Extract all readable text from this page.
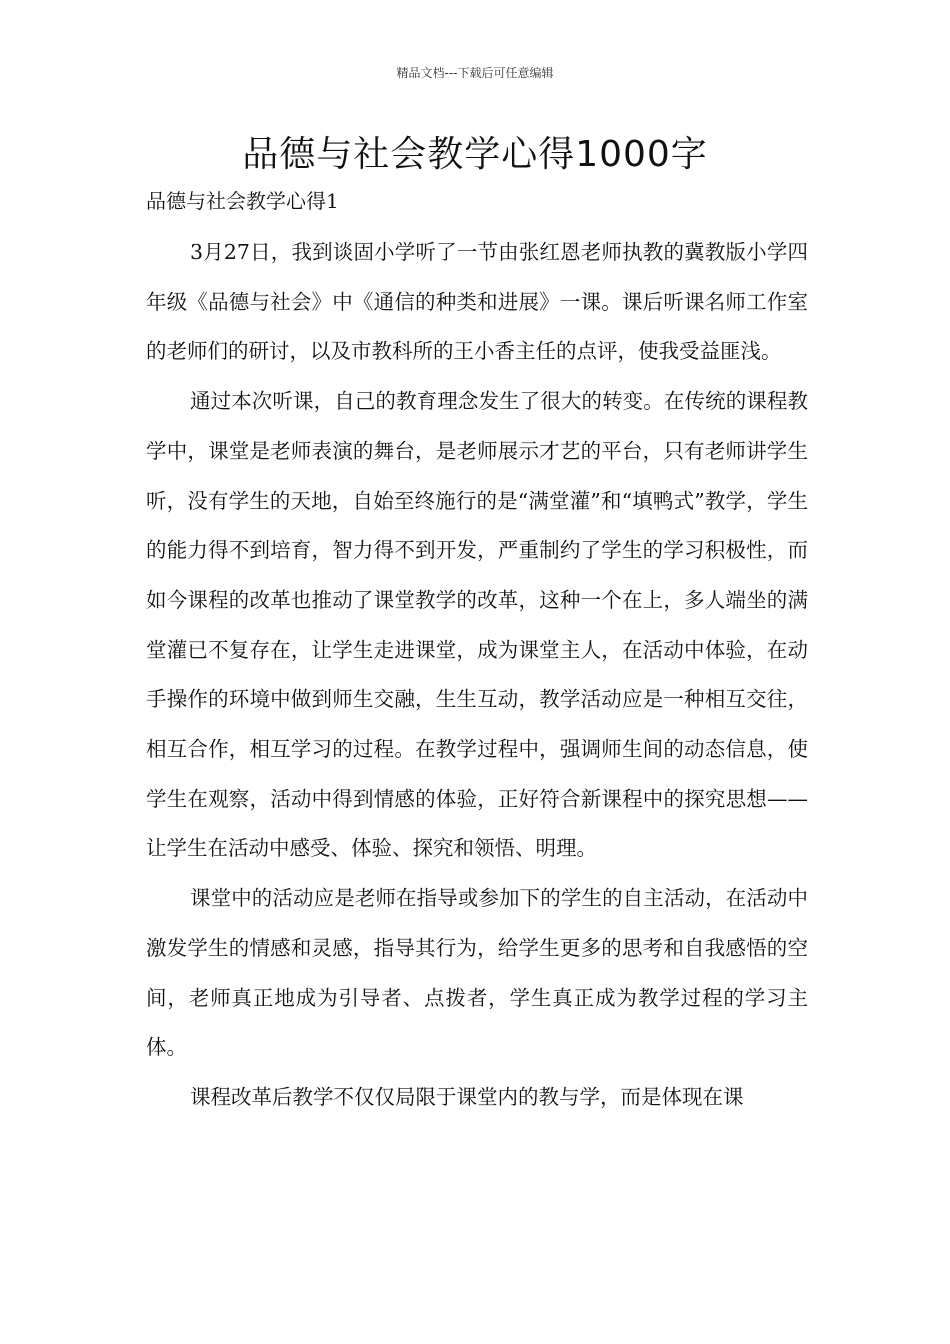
精品文档---下载后可任意编辑
品德与社会教学心得1000字

品德与社会教学心得1

3月27日，我到谈固小学听了一节由张红恩老师执教的冀教版小学四年级《品德与社会》中《通信的种类和进展》一课。课后听课名师工作室的老师们的研讨，以及市教科所的王小香主任的点评，使我受益匪浅。

通过本次听课，自己的教育理念发生了很大的转变。在传统的课程教学中，课堂是老师表演的舞台，是老师展示才艺的平台，只有老师讲学生听，没有学生的天地，自始至终施行的是“满堂灌”和“填鸭式”教学，学生的能力得不到培育，智力得不到开发，严重制约了学生的学习积极性，而如今课程的改革也推动了课堂教学的改革，这种一个在上，多人端坐的满堂灌已不复存在，让学生走进课堂，成为课堂主人，在活动中体验，在动手操作的环境中做到师生交融，生生互动，教学活动应是一种相互交往，相互合作，相互学习的过程。在教学过程中，强调师生间的动态信息，使学生在观察，活动中得到情感的体验，正好符合新课程中的探究思想——让学生在活动中感受、体验、探究和领悟、明理。

课堂中的活动应是老师在指导或参加下的学生的自主活动，在活动中激发学生的情感和灵感，指导其行为，给学生更多的思考和自我感悟的空间，老师真正地成为引导者、点拨者，学生真正成为教学过程的学习主体。

课程改革后教学不仅仅局限于课堂内的教与学，而是体现在课
